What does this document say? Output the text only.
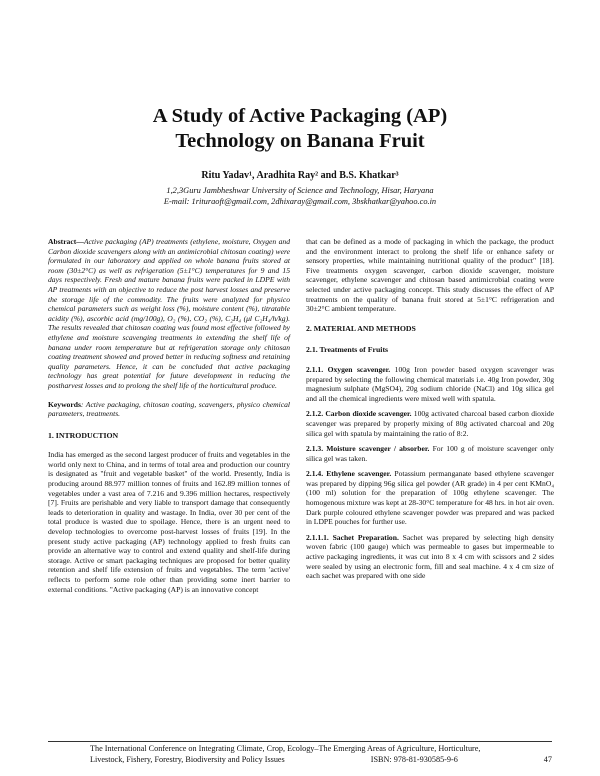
A Study of Active Packaging (AP)
Technology on Banana Fruit
Ritu Yadav¹, Aradhita Ray² and B.S. Khatkar³
1,2,3Guru Jambheshwar University of Science and Technology, Hisar, Haryana
E-mail: 1rituraoft@gmail.com, 2dhixaray@gmail.com, 3bskhatkar@yahoo.co.in
Abstract—Active packaging (AP) treatments (ethylene, moisture, Oxygen and Carbon dioxide scavengers along with an antimicrobial chitosan coating) were formulated in our laboratory and applied on whole banana fruits stored at room (30±2°C) as well as refrigeration (5±1°C) temperatures for 9 and 15 days respectively. Fresh and mature banana fruits were packed in LDPE with AP treatments with an objective to reduce the post harvest losses and preserve the storage life of the commodity. The fruits were analyzed for physico chemical parameters such as weight loss (%), moisture content (%), titratable acidity (%), ascorbic acid (mg/100g), O₂ (%), CO₂ (%), C₂H₄ (μl C₂H₄/h/kg). The results revealed that chitosan coating was found most effective followed by ethylene and moisture scavenging treatments in extending the shelf life of banana under room temperature but at refrigeration storage only chitosan coating treatment showed and proved better in reducing softness and retaining quality parameters. Hence, it can be concluded that active packaging technology has great potential for future development in reducing the postharvest losses and to prolong the shelf life of the horticultural produce.
Keywords: Active packaging, chitosan coating, scavengers, physico chemical parameters, treatments.
1. INTRODUCTION

India has emerged as the second largest producer of fruits and vegetables in the world only next to China, and in terms of total area and production our country is designated as "fruit and vegetable basket" of the world. Presently, India is producing around 88.977 million tonnes of fruits and 162.89 million tonnes of vegetables under a vast area of 7.216 and 9.396 million hectares, respectively [7]. Fruits are perishable and very liable to transport damage that consequently leads to deterioration in quality and wastage. In India, over 30 per cent of the total produce is wasted due to spoilage. Hence, there is an urgent need to develop technologies to overcome post-harvest losses of fruits [19]. In the present study active packaging (AP) technology applied to fresh fruits can provide an alternative way to control and extend quality and shelf-life during storage. Active or smart packaging techniques are proposed for better quality retention and shelf life extension of fruits and vegetables. The term 'active' reflects to perform some role other than providing some inert barrier to external conditions. "Active packaging (AP) is an innovative concept

that can be defined as a mode of packaging in which the package, the product and the environment interact to prolong the shelf life or enhance safety or sensory properties, while maintaining nutritional quality of the product" [18]. Five treatments oxygen scavenger, carbon dioxide scavenger, moisture scavenger, ethylene scavenger and chitosan based antimicrobial coating were selected under active packaging concept. This study discusses the effect of AP treatments on the quality of banana fruit stored at 5±1°C refrigeration and 30±2°C ambient temperature.

2. MATERIAL AND METHODS
2.1. Treatments of Fruits

2.1.1. Oxygen scavenger. 100g Iron powder based oxygen scavenger was prepared by selecting the following chemical materials i.e. 40g Iron powder, 30g magnesium sulphate (MgSO4), 20g sodium chloride (NaCl) and 10g silica gel and all the chemical ingredients were mixed well with spatula.

2.1.2. Carbon dioxide scavenger. 100g activated charcoal based carbon dioxide scavenger was prepared by properly mixing of 80g activated charcoal and 20g silica gel with spatula by maintaining the ratio of 8:2.

2.1.3. Moisture scavenger / absorber. For 100 g of moisture scavenger only silica gel was taken.

2.1.4. Ethylene scavenger. Potassium permanganate based ethylene scavenger was prepared by dipping 96g silica gel powder (AR grade) in 4 per cent KMnO₄ (100 ml) solution for the preparation of 100g ethylene scavenger. The homogenous mixture was kept at 28-30°C temperature for 48 hrs. in hot air oven. Dark purple coloured ethylene scavenger powder was prepared and was packed in LDPE pouches for further use.

2.1.1.1. Sachet Preparation. Sachet was prepared by selecting high density woven fabric (100 gauge) which was permeable to gases but impermeable to active packaging ingredients, it was cut into 8 x 4 cm with scissors and 2 sides were sealed by using an electronic form, fill and seal machine. 4 x 4 cm size of each sachet was prepared with one side

The International Conference on Integrating Climate, Crop, Ecology–The Emerging Areas of Agriculture, Horticulture,
Livestock, Fishery, Forestry, Biodiversity and Policy Issues	ISBN: 978-81-930585-9-6	47
